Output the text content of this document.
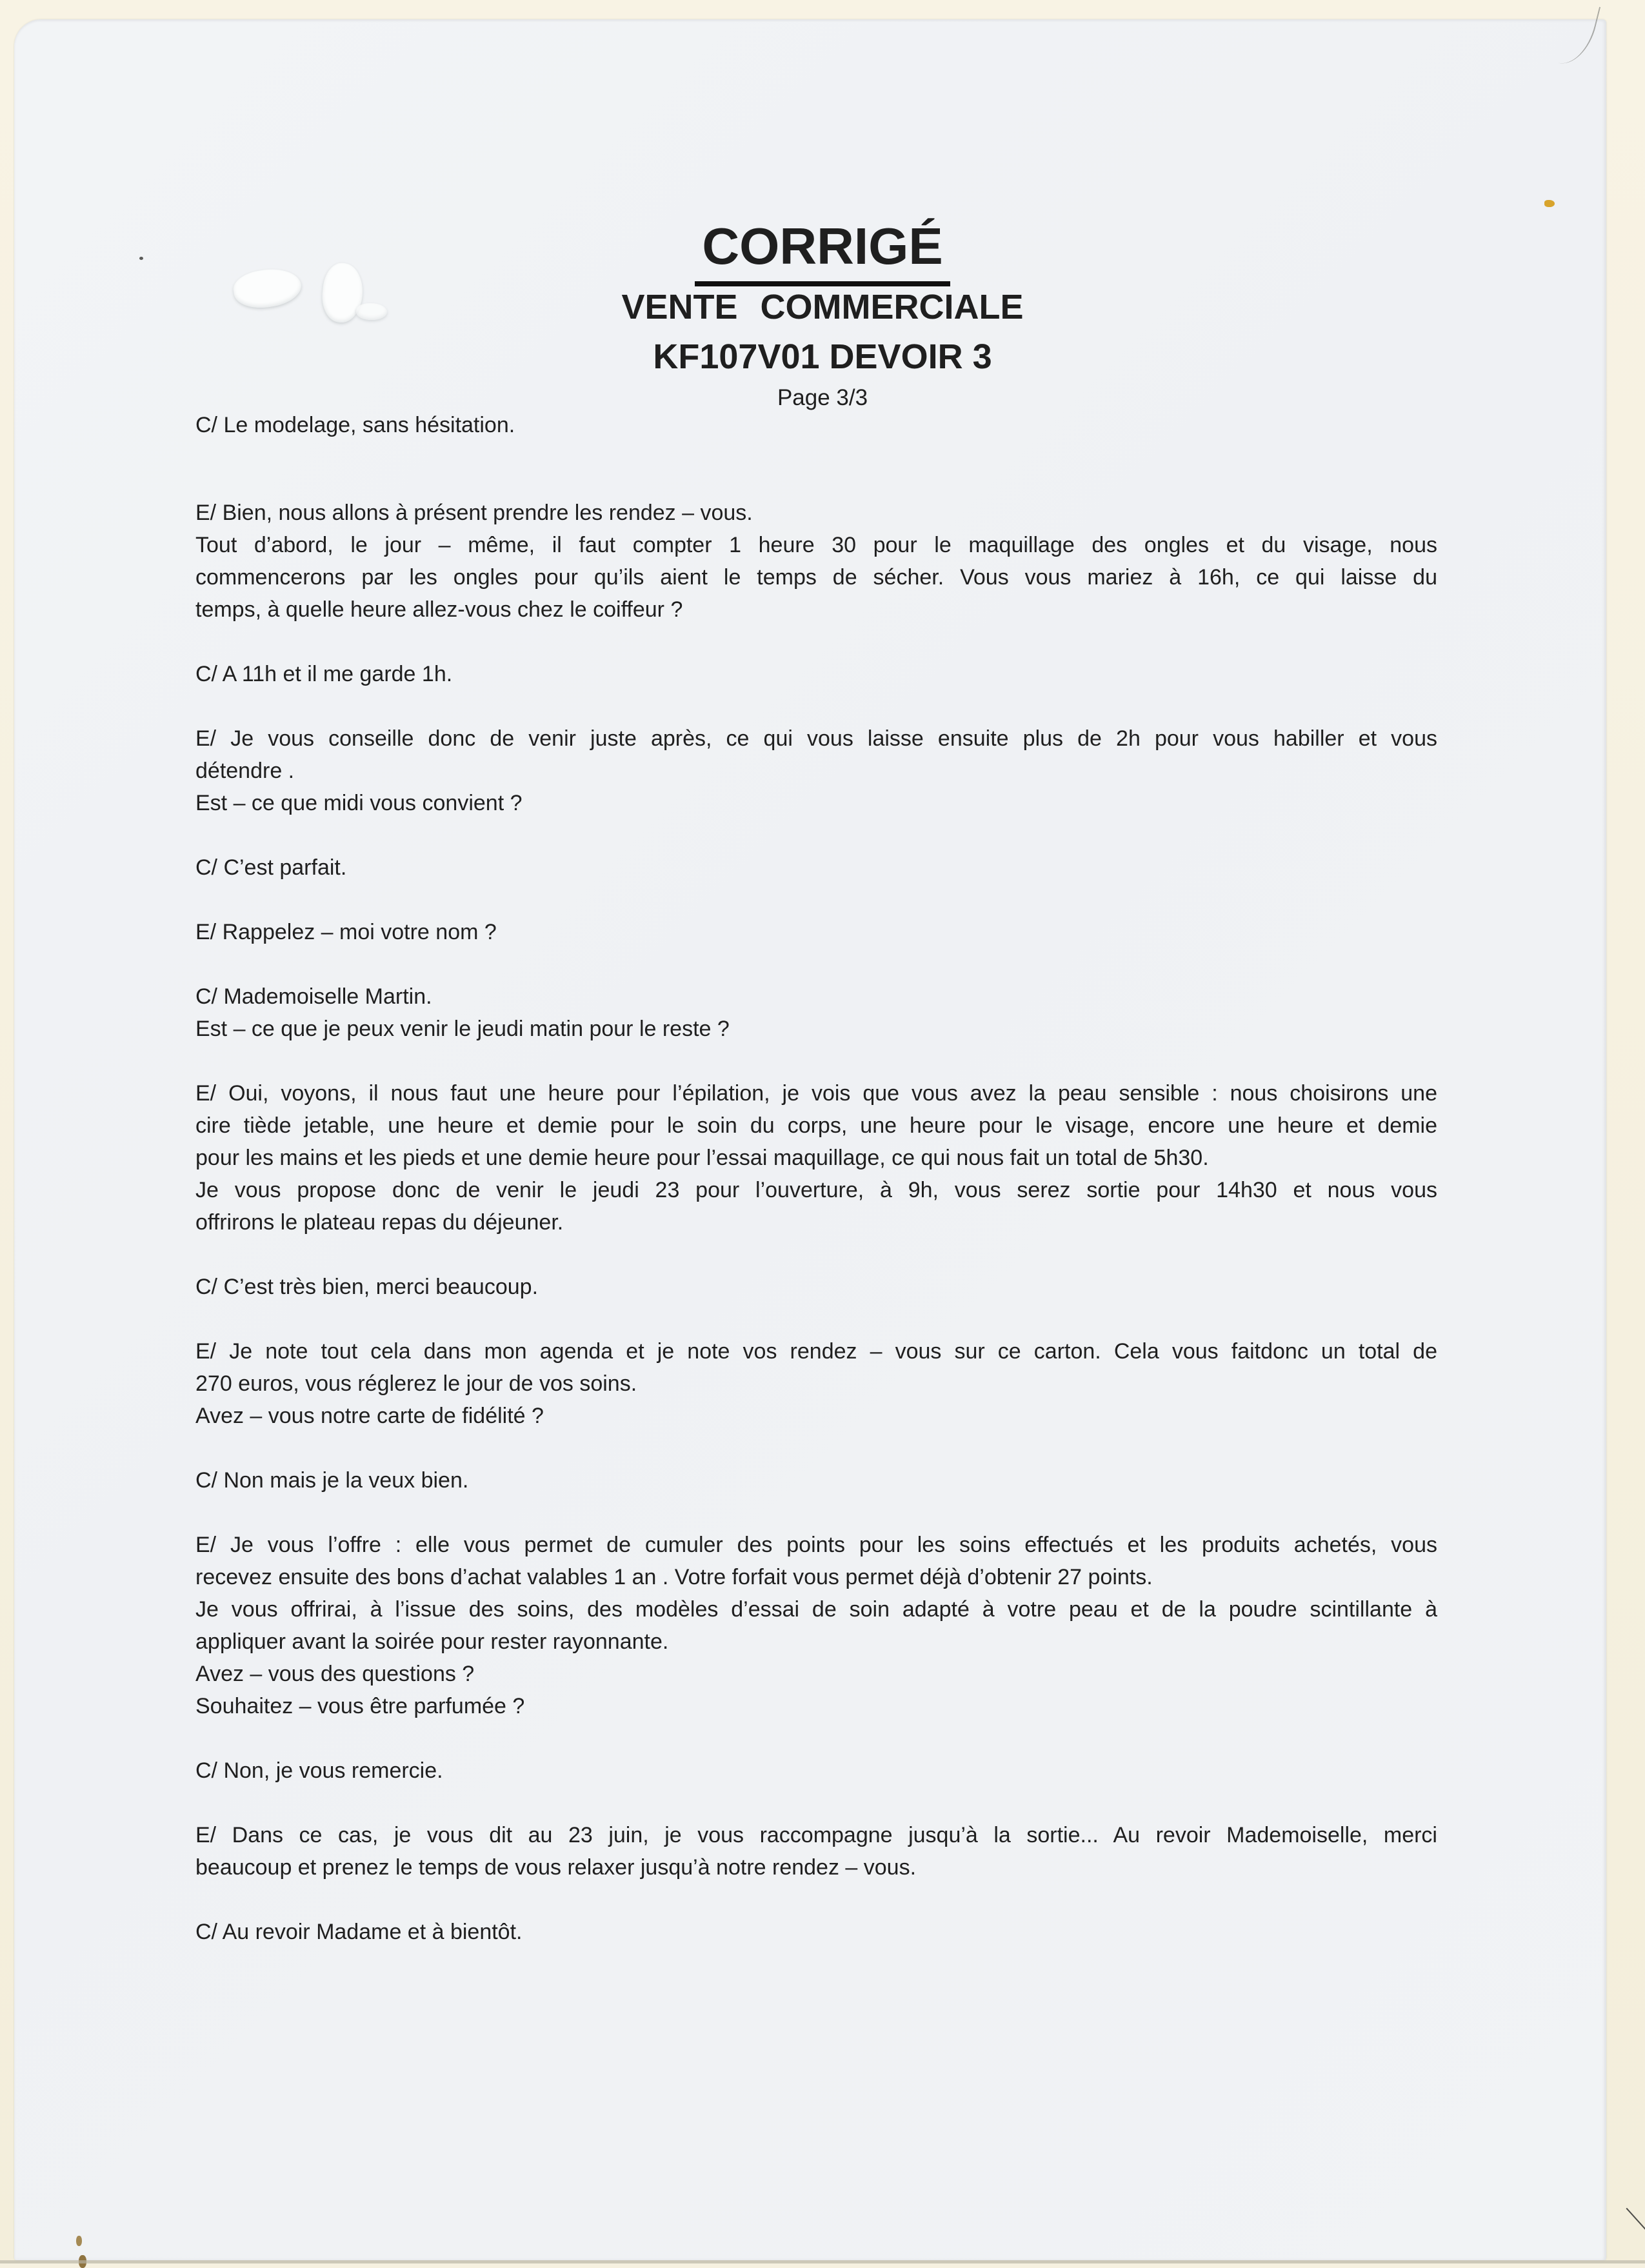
CORRIGÉ
VENTE COMMERCIALE
KF107V01 DEVOIR 3
Page 3/3
C/ Le modelage, sans hésitation.
E/ Bien, nous allons à présent prendre les rendez – vous.
Tout d’abord, le jour – même, il faut compter 1 heure 30 pour le maquillage des ongles et du visage, nous
commencerons par les ongles pour qu’ils aient le temps de sécher. Vous vous mariez à 16h, ce qui laisse du
temps, à quelle heure allez-vous chez le coiffeur ?
C/ A 11h et il me garde 1h.
E/ Je vous conseille donc de venir juste après, ce qui vous laisse ensuite plus de 2h pour vous habiller et vous
détendre .
Est – ce que midi vous convient ?
C/ C’est parfait.
E/ Rappelez – moi votre nom ?
C/ Mademoiselle Martin.
Est – ce que je peux venir le jeudi matin pour le reste ?
E/ Oui, voyons, il nous faut une heure pour l’épilation, je vois que vous avez la peau sensible : nous choisirons une
cire tiède jetable, une heure et demie pour le soin du corps, une heure pour le visage, encore une heure et demie
pour les mains et les pieds et une demie heure pour l’essai maquillage, ce qui nous fait un total de 5h30.
Je vous propose donc de venir le jeudi 23 pour l’ouverture, à 9h, vous serez sortie pour 14h30 et nous vous
offrirons le plateau repas du déjeuner.
C/ C’est très bien, merci beaucoup.
E/ Je note tout cela dans mon agenda et je note vos rendez – vous sur ce carton. Cela vous faitdonc un total de
270 euros, vous réglerez le jour de vos soins.
Avez – vous notre carte de fidélité ?
C/ Non mais je la veux bien.
E/ Je vous l’offre : elle vous permet de cumuler des points pour les soins effectués et les produits achetés, vous
recevez ensuite des bons d’achat valables 1 an . Votre forfait vous permet déjà d’obtenir 27 points.
Je vous offrirai, à l’issue des soins, des modèles d’essai de soin adapté à votre peau et de la poudre scintillante à
appliquer avant la soirée pour rester rayonnante.
Avez – vous des questions ?
Souhaitez – vous être parfumée ?
C/ Non, je vous remercie.
E/ Dans ce cas, je vous dit au 23 juin, je vous raccompagne jusqu’à la sortie... Au revoir Mademoiselle, merci
beaucoup et prenez le temps de vous relaxer jusqu’à notre rendez – vous.
C/ Au revoir Madame et à bientôt.
